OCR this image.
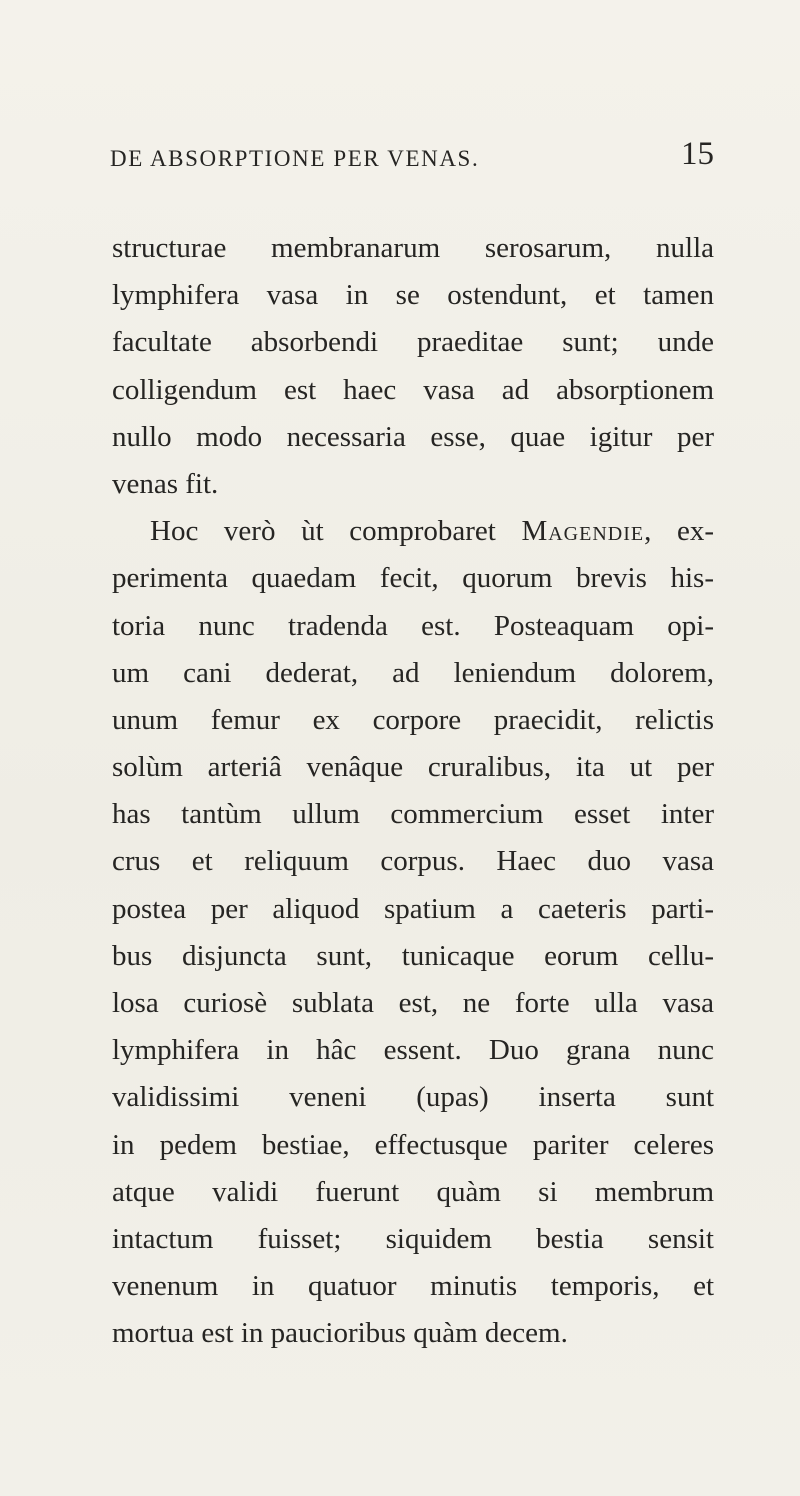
DE ABSORPTIONE PER VENAS.	15
structurae membranarum serosarum, nulla
lymphifera vasa in se ostendunt, et tamen
facultate absorbendi praeditae sunt; unde
colligendum est haec vasa ad absorptionem
nullo modo necessaria esse, quae igitur per
venas fit.
Hoc verò ùt comprobaret Magendie, ex-
perimenta quaedam fecit, quorum brevis his-
toria nunc tradenda est. Posteaquam opi-
um cani dederat, ad leniendum dolorem,
unum femur ex corpore praecidit, relictis
solùm arteriâ venâque cruralibus, ita ut per
has tantùm ullum commercium esset inter
crus et reliquum corpus. Haec duo vasa
postea per aliquod spatium a caeteris parti-
bus disjuncta sunt, tunicaque eorum cellu-
losa curiosè sublata est, ne forte ulla vasa
lymphifera in hâc essent. Duo grana nunc
validissimi veneni (upas) inserta sunt
in pedem bestiae, effectusque pariter celeres
atque validi fuerunt quàm si membrum
intactum fuisset; siquidem bestia sensit
venenum in quatuor minutis temporis, et
mortua est in paucioribus quàm decem.
